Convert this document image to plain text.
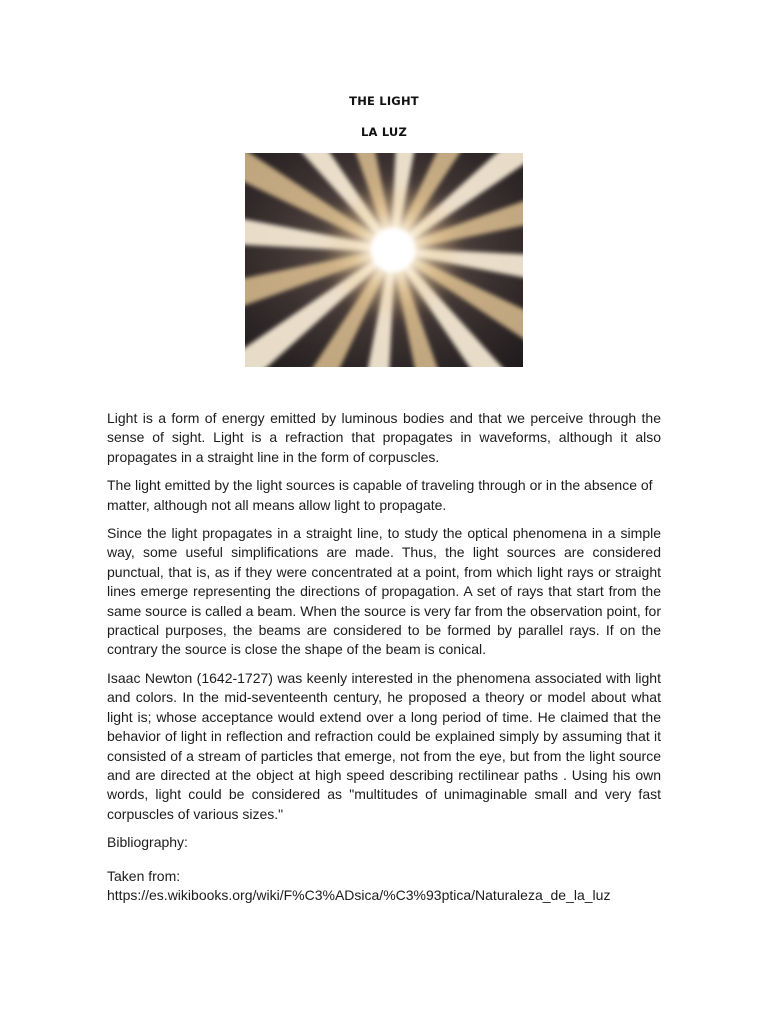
THE LIGHT
LA LUZ

Light is a form of energy emitted by luminous bodies and that we perceive through the sense of sight. Light is a refraction that propagates in waveforms, although it also propagates in a straight line in the form of corpuscles.

The light emitted by the light sources is capable of traveling through or in the absence of matter, although not all means allow light to propagate.

Since the light propagates in a straight line, to study the optical phenomena in a simple way, some useful simplifications are made. Thus, the light sources are considered punctual, that is, as if they were concentrated at a point, from which light rays or straight lines emerge representing the directions of propagation. A set of rays that start from the same source is called a beam. When the source is very far from the observation point, for practical purposes, the beams are considered to be formed by parallel rays. If on the contrary the source is close the shape of the beam is conical.

Isaac Newton (1642-1727) was keenly interested in the phenomena associated with light and colors. In the mid-seventeenth century, he proposed a theory or model about what light is; whose acceptance would extend over a long period of time. He claimed that the behavior of light in reflection and refraction could be explained simply by assuming that it consisted of a stream of particles that emerge, not from the eye, but from the light source and are directed at the object at high speed describing rectilinear paths . Using his own words, light could be considered as "multitudes of unimaginable small and very fast corpuscles of various sizes."

Bibliography:

Taken from:
https://es.wikibooks.org/wiki/F%C3%ADsica/%C3%93ptica/Naturaleza_de_la_luz
